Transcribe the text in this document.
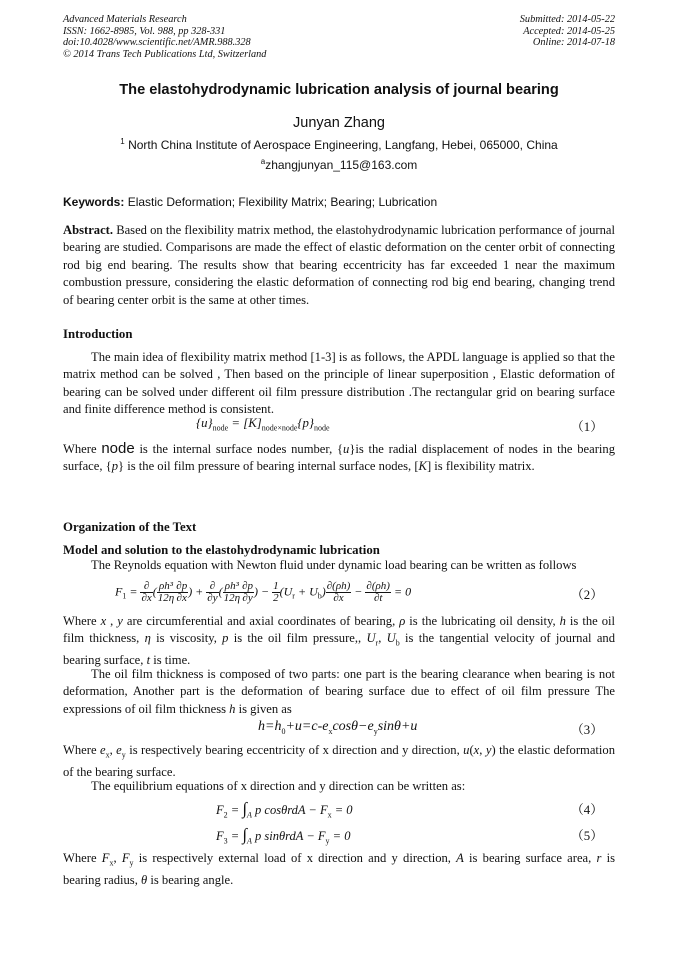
Advanced Materials Research
ISSN: 1662-8985, Vol. 988, pp 328-331
doi:10.4028/www.scientific.net/AMR.988.328
© 2014 Trans Tech Publications Ltd, Switzerland
Submitted: 2014-05-22
Accepted: 2014-05-25
Online: 2014-07-18
The elastohydrodynamic lubrication analysis of journal bearing
Junyan Zhang
$^1$ North China Institute of Aerospace Engineering, Langfang, Hebei, 065000, China
$^a$zhangjunyan_115@163.com
Keywords: Elastic Deformation; Flexibility Matrix; Bearing; Lubrication
Abstract. Based on the flexibility matrix method, the elastohydrodynamic lubrication performance of journal bearing are studied. Comparisons are made the effect of elastic deformation on the center orbit of connecting rod big end bearing. The results show that bearing eccentricity has far exceeded 1 near the maximum combustion pressure, considering the elastic deformation of connecting rod big end bearing, changing trend of bearing center orbit is the same at other times.
Introduction
The main idea of flexibility matrix method [1-3] is as follows, the APDL language is applied so that the matrix method can be solved , Then based on the principle of linear superposition , Elastic deformation of bearing can be solved under different oil film pressure distribution .The rectangular grid on bearing surface and finite difference method is consistent.
$\{u\}_{node} = [K]_{node\times node}\{p\}_{node}$	（1）
Where node is the internal surface nodes number, {u}is the radial displacement of nodes in the bearing surface, {p} is the oil film pressure of bearing internal surface nodes, [K] is flexibility matrix.
Organization of the Text
Model and solution to the elastohydrodynamic lubrication
The Reynolds equation with Newton fluid under dynamic load bearing can be written as follows
$F_1 = \frac{\partial}{\partial x}$ ( $\frac{\text{ρh³}}{12\eta} \frac{\partial p}{\partial x}$ ) + $\frac{\partial}{\partial y}$ ( $\frac{\text{ρh³}}{12\eta} \frac{\partial p}{\partial y}$ ) − $\frac{1}{2} (U_r + U_b) \frac{\partial(\rho h)}{\partial x} - \frac{\partial(\rho h)}{\partial t} = 0$	（2）
Where x , y are circumferential and axial coordinates of bearing, ρ is the lubricating oil density, h is the oil film thickness, η is viscosity, p is the oil film pressure,, $U_r$, $U_b$ is the tangential velocity of journal and bearing surface, t is time.
The oil film thickness is composed of two parts: one part is the bearing clearance when bearing is not deformation, Another part is the deformation of bearing surface due to effect of oil film pressure The expressions of oil film thickness h is given as
$h=h_0+u=c-e_x\cos\theta-e_y\sin\theta+u$	（3）
Where $e_x$, $e_y$ is respectively bearing eccentricity of x direction and y direction, u(x, y) the elastic deformation of the bearing surface.
The equilibrium equations of x direction and y direction can be written as:
$F_2 = \int_A$ p $\cos\theta rdA - F_x = 0$	（4）
$F_3 = \int_A$ p $\sin\theta rdA - F_y = 0$	（5）
Where $F_x$, $F_y$ is respectively external load of x direction and y direction, A is bearing surface area, r is bearing radius, θ is bearing angle.
